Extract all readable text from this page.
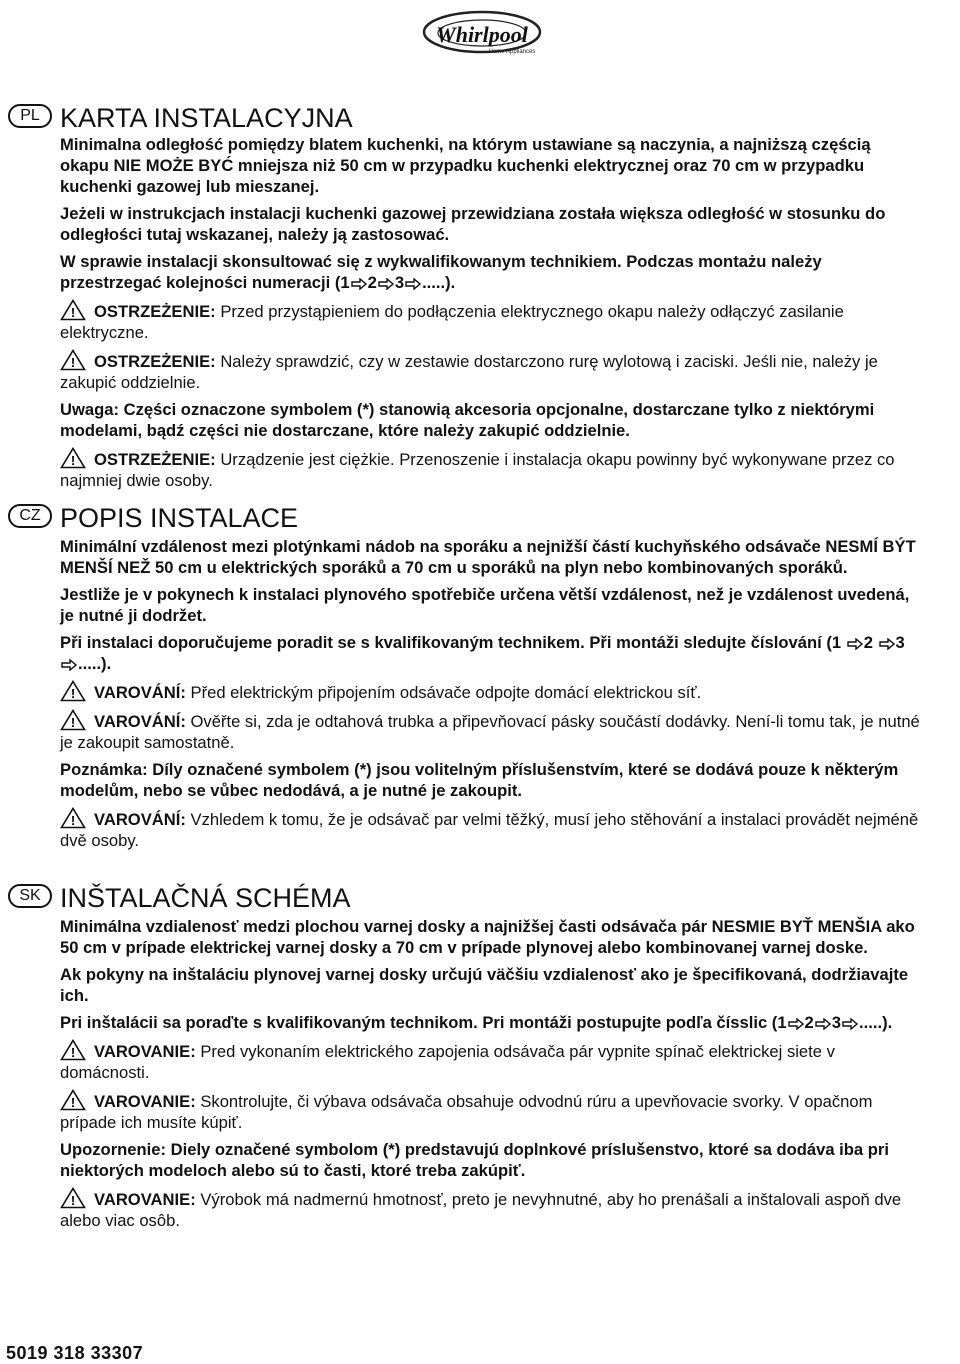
Whirlpool
Home Appliances
PL KARTA INSTALACYJNA

Minimalna odległość pomiędzy blatem kuchenki, na którym ustawiane są naczynia, a najniższą częścią okapu NIE MOŻE BYĆ mniejsza niż 50 cm w przypadku kuchenki elektrycznej oraz 70 cm w przypadku kuchenki gazowej lub mieszanej.

Jeżeli w instrukcjach instalacji kuchenki gazowej przewidziana została większa odległość w stosunku do odległości tutaj wskazanej, należy ją zastosować.

W sprawie instalacji skonsultować się z wykwalifikowanym technikiem. Podczas montażu należy przestrzegać kolejności numeracji (1 2 3 .....).

! OSTRZEŻENIE: Przed przystąpieniem do podłączenia elektrycznego okapu należy odłączyć zasilanie elektryczne.

! OSTRZEŻENIE: Należy sprawdzić, czy w zestawie dostarczono rurę wylotową i zaciski. Jeśli nie, należy je zakupić oddzielnie.

Uwaga: Części oznaczone symbolem (*) stanowią akcesoria opcjonalne, dostarczane tylko z niektórymi modelami, bądź części nie dostarczane, które należy zakupić oddzielnie.

! OSTRZEŻENIE: Urządzenie jest ciężkie. Przenoszenie i instalacja okapu powinny być wykonywane przez co najmniej dwie osoby.

CZ POPIS INSTALACE

Minimální vzdálenost mezi plotýnkami nádob na sporáku a nejnižší částí kuchyňského odsávače NESMÍ BÝT MENŠÍ NEŽ 50 cm u elektrických sporáků a 70 cm u sporáků na plyn nebo kombinovaných sporáků.

Jestliže je v pokynech k instalaci plynového spotřebiče určena větší vzdálenost, než je vzdálenost uvedená, je nutné ji dodržet.

Při instalaci doporučujeme poradit se s kvalifikovaným technikem. Při montáži sledujte číslování (1 2 3 .....).

! VAROVÁNÍ: Před elektrickým připojením odsávače odpojte domácí elektrickou síť.

! VAROVÁNÍ: Ověřte si, zda je odtahová trubka a připevňovací pásky součástí dodávky. Není-li tomu tak, je nutné je zakoupit samostatně.

Poznámka: Díly označené symbolem (*) jsou volitelným příslušenstvím, které se dodává pouze k některým modelům, nebo se vůbec nedodává, a je nutné je zakoupit.

! VAROVÁNÍ: Vzhledem k tomu, že je odsávač par velmi těžký, musí jeho stěhování a instalaci provádět nejméně dvě osoby.

SK INŠTALAČNÁ SCHÉMA

Minimálna vzdialenosť medzi plochou varnej dosky a najnižšej časti odsávača pár NESMIE BYŤ MENŠIA ako 50 cm v prípade elektrickej varnej dosky a 70 cm v prípade plynovej alebo kombinovanej varnej doske.

Ak pokyny na inštaláciu plynovej varnej dosky určujú väčšiu vzdialenosť ako je špecifikovaná, dodržiavajte ich.

Pri inštalácii sa poraďte s kvalifikovaným technikom. Pri montáži postupujte podľa čísslic (1 2 3 .....).

! VAROVANIE: Pred vykonaním elektrického zapojenia odsávača pár vypnite spínač elektrickej siete v domácnosti.

! VAROVANIE: Skontrolujte, či výbava odsávača obsahuje odvodnú rúru a upevňovacie svorky. V opačnom prípade ich musíte kúpiť.

Upozornenie: Diely označené symbolom (*) predstavujú doplnkové príslušenstvo, ktoré sa dodáva iba pri niektorých modeloch alebo sú to časti, ktoré treba zakúpiť.

! VAROVANIE: Výrobok má nadmernú hmotnosť, preto je nevyhnutné, aby ho prenášali a inštalovali aspoň dve alebo viac osôb.

5019 318 33307
